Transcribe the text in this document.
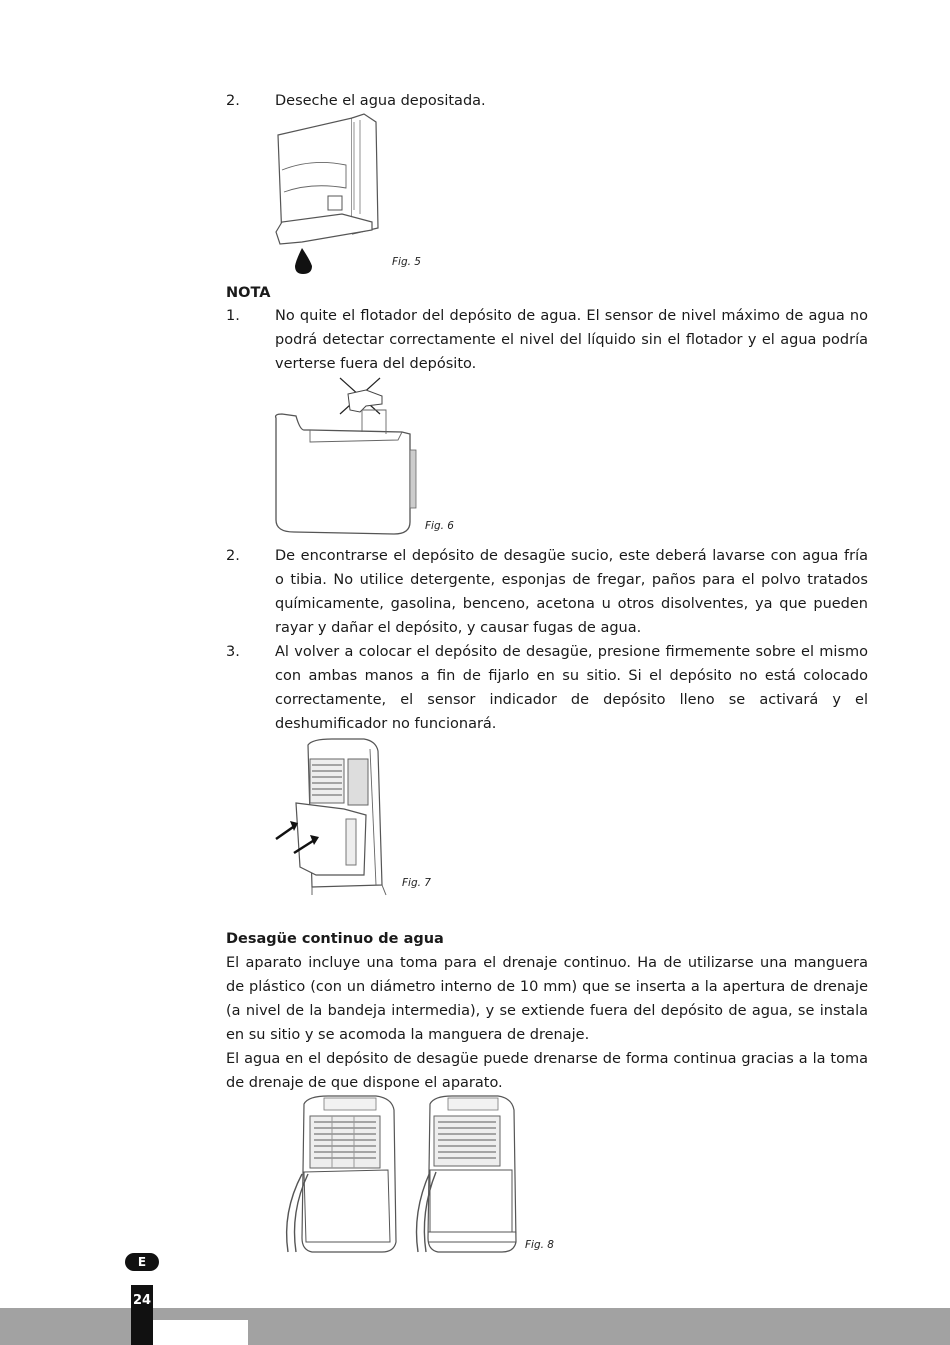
2.	Deseche el agua depositada.
Fig. 5
NOTA
1.	No quite el flotador del depósito de agua. El sensor de nivel máximo de agua no podrá detectar correctamente el nivel del líquido sin el flotador y el agua podría verterse fuera del depósito.
Fig. 6
2.	De encontrarse el depósito de desagüe sucio, este deberá lavarse con agua fría o tibia. No utilice detergente, esponjas de fregar, paños para el polvo tratados químicamente, gasolina, benceno, acetona u otros disolventes, ya que pueden rayar y dañar el depósito, y causar fugas de agua.
3.	Al volver a colocar el depósito de desagüe, presione firmemente sobre el mismo con ambas manos a fin de fijarlo en su sitio. Si el depósito no está colocado correctamente, el sensor indicador de depósito lleno se activará y el deshumificador no funcionará.
Fig. 7
Desagüe continuo de agua
El aparato incluye una toma para el drenaje continuo. Ha de utilizarse una manguera de plástico (con un diámetro interno de 10 mm) que se inserta a la apertura de drenaje (a nivel de la bandeja intermedia), y se extiende fuera del depósito de agua, se instala en su sitio y se acomoda la manguera de drenaje.
El agua en el depósito de desagüe puede drenarse de forma continua gracias a la toma de drenaje de que dispone el aparato.
Fig. 8
E
24
